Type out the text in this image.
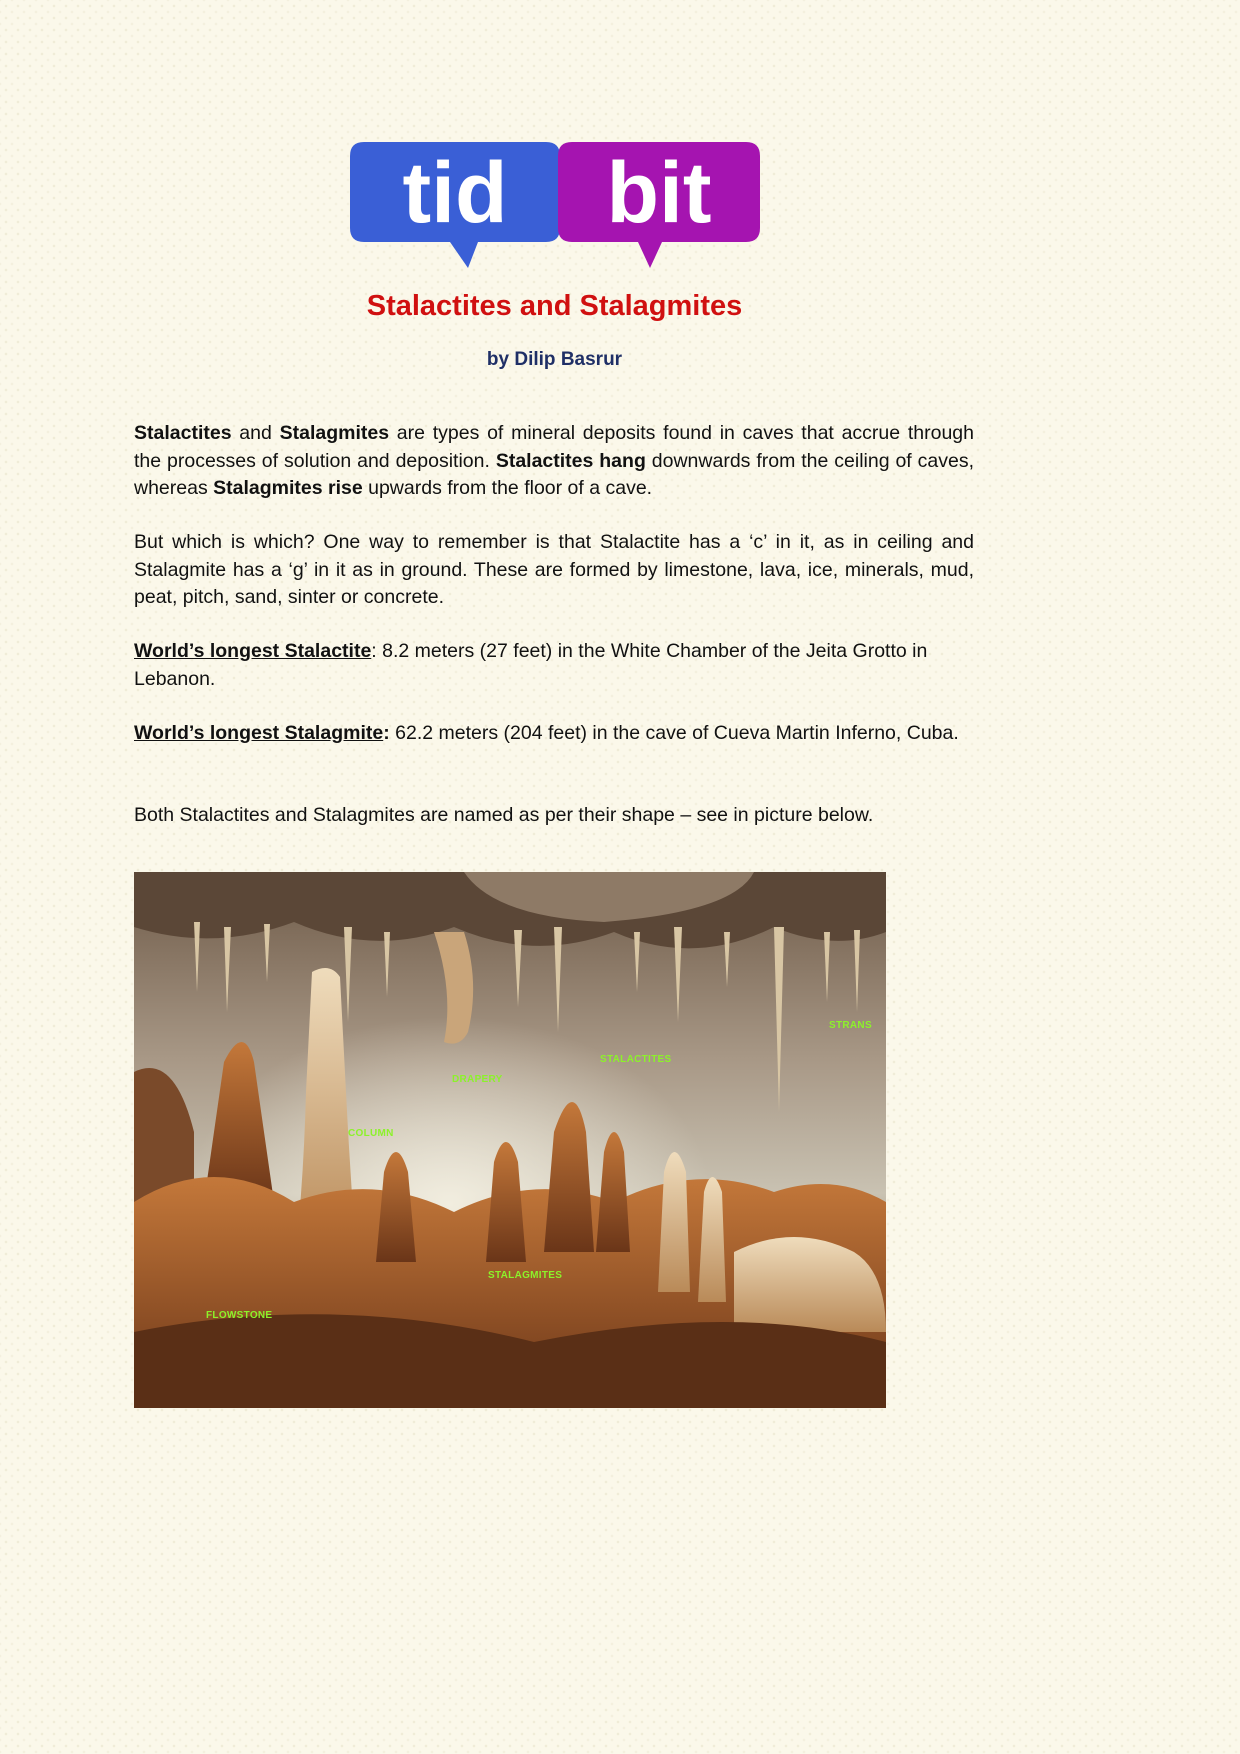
tid bit
Stalactites and Stalagmites
by Dilip Basrur

Stalactites and Stalagmites are types of mineral deposits found in caves that accrue through the processes of solution and deposition. Stalactites hang downwards from the ceiling of caves, whereas Stalagmites rise upwards from the floor of a cave.

But which is which? One way to remember is that Stalactite has a ‘c’ in it, as in ceiling and Stalagmite has a ‘g’ in it as in ground. These are formed by limestone, lava, ice, minerals, mud, peat, pitch, sand, sinter or concrete.

World’s longest Stalactite: 8.2 meters (27 feet) in the White Chamber of the Jeita Grotto in Lebanon.

World’s longest Stalagmite: 62.2 meters (204 feet) in the cave of Cueva Martin Inferno, Cuba.

Both Stalactites and Stalagmites are named as per their shape – see in picture below.

STRANS
STALACTITES
DRAPERY
COLUMN
STALAGMITES
FLOWSTONE
